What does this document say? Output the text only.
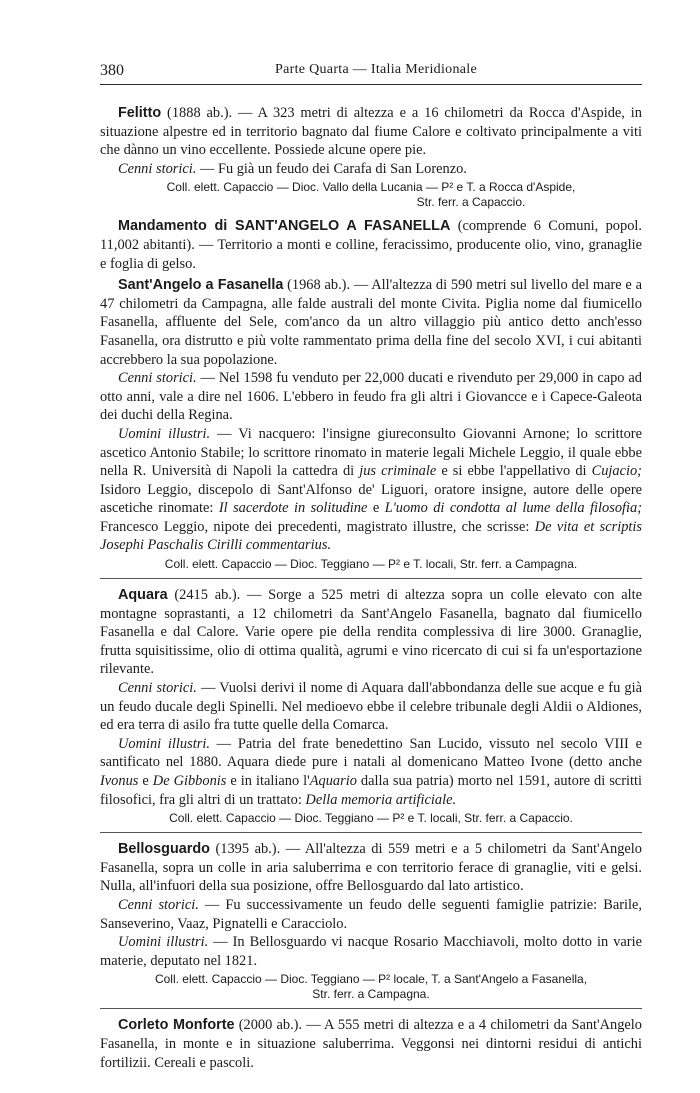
380	Parte Quarta — Italia Meridionale

Felitto (1888 ab.). — A 323 metri di altezza e a 16 chilometri da Rocca d'Aspide, in situazione alpestre ed in territorio bagnato dal fiume Calore e coltivato principalmente a viti che dànno un vino eccellente. Possiede alcune opere pie.

Cenni storici. — Fu già un feudo dei Carafa di San Lorenzo.

Coll. elett. Capaccio — Dioc. Vallo della Lucania — P² e T. a Rocca d'Aspide,
Str. ferr. a Capaccio.

Mandamento di SANT'ANGELO A FASANELLA (comprende 6 Comuni, popol. 11,002 abitanti). — Territorio a monti e colline, feracissimo, producente olio, vino, granaglie e foglia di gelso.

Sant'Angelo a Fasanella (1968 ab.). — All'altezza di 590 metri sul livello del mare e a 47 chilometri da Campagna, alle falde australi del monte Civita. Piglia nome dal fiumicello Fasanella, affluente del Sele, com'anco da un altro villaggio più antico detto anch'esso Fasanella, ora distrutto e più volte rammentato prima della fine del secolo XVI, i cui abitanti accrebbero la sua popolazione.

Cenni storici. — Nel 1598 fu venduto per 22,000 ducati e rivenduto per 29,000 in capo ad otto anni, vale a dire nel 1606. L'ebbero in feudo fra gli altri i Giovancce e i Capece-Galeota dei duchi della Regina.

Uomini illustri. — Vi nacquero: l'insigne giureconsulto Giovanni Arnone; lo scrittore ascetico Antonio Stabile; lo scrittore rinomato in materie legali Michele Leggio, il quale ebbe nella R. Università di Napoli la cattedra di jus criminale e si ebbe l'appellativo di Cujacio; Isidoro Leggio, discepolo di Sant'Alfonso de' Liguori, oratore insigne, autore delle opere ascetiche rinomate: Il sacerdote in solitudine e L'uomo di condotta al lume della filosofia; Francesco Leggio, nipote dei precedenti, magistrato illustre, che scrisse: De vita et scriptis Josephi Paschalis Cirilli commentarius.

Coll. elett. Capaccio — Dioc. Teggiano — P² e T. locali, Str. ferr. a Campagna.

Aquara (2415 ab.). — Sorge a 525 metri di altezza sopra un colle elevato con alte montagne soprastanti, a 12 chilometri da Sant'Angelo Fasanella, bagnato dal fiumicello Fasanella e dal Calore. Varie opere pie della rendita complessiva di lire 3000. Granaglie, frutta squisitissime, olio di ottima qualità, agrumi e vino ricercato di cui si fa un'esportazione rilevante.

Cenni storici. — Vuolsi derivi il nome di Aquara dall'abbondanza delle sue acque e fu già un feudo ducale degli Spinelli. Nel medioevo ebbe il celebre tribunale degli Aldii o Aldiones, ed era terra di asilo fra tutte quelle della Comarca.

Uomini illustri. — Patria del frate benedettino San Lucido, vissuto nel secolo VIII e santificato nel 1880. Aquara diede pure i natali al domenicano Matteo Ivone (detto anche Ivonus e De Gibbonis e in italiano l'Aquario dalla sua patria) morto nel 1591, autore di scritti filosofici, fra gli altri di un trattato: Della memoria artificiale.

Coll. elett. Capaccio — Dioc. Teggiano — P² e T. locali, Str. ferr. a Capaccio.

Bellosguardo (1395 ab.). — All'altezza di 559 metri e a 5 chilometri da Sant'Angelo Fasanella, sopra un colle in aria saluberrima e con territorio ferace di granaglie, viti e gelsi. Nulla, all'infuori della sua posizione, offre Bellosguardo dal lato artistico.

Cenni storici. — Fu successivamente un feudo delle seguenti famiglie patrizie: Barile, Sanseverino, Vaaz, Pignatelli e Caracciolo.

Uomini illustri. — In Bellosguardo vi nacque Rosario Macchiavoli, molto dotto in varie materie, deputato nel 1821.

Coll. elett. Capaccio — Dioc. Teggiano — P² locale, T. a Sant'Angelo a Fasanella,
Str. ferr. a Campagna.

Corleto Monforte (2000 ab.). — A 555 metri di altezza e a 4 chilometri da Sant'Angelo Fasanella, in monte e in situazione saluberrima. Veggonsi nei dintorni residui di antichi fortilizii. Cereali e pascoli.
